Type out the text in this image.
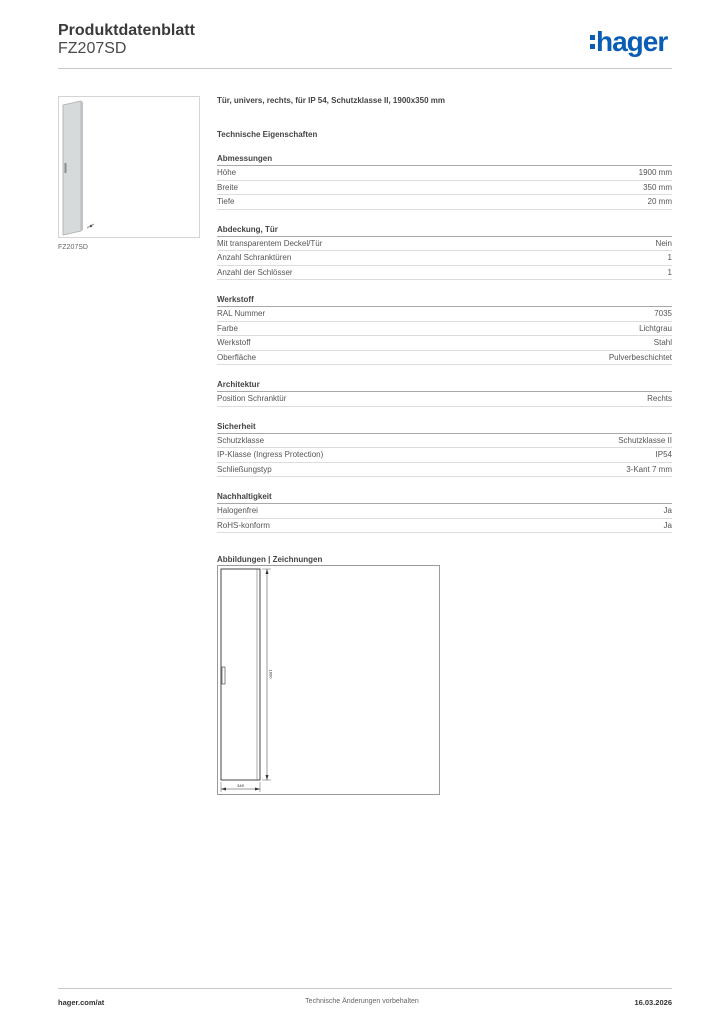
Produktdatenblatt
FZ207SD	hager
FZ207SD
Tür, univers, rechts, für IP 54, Schutzklasse II, 1900x350 mm
Technische Eigenschaften
Abmessungen
Höhe	1900 mm
Breite	350 mm
Tiefe	20 mm
Abdeckung, Tür
Mit transparentem Deckel/Tür	Nein
Anzahl Schranktüren	1
Anzahl der Schlösser	1
Werkstoff
RAL Nummer	7035
Farbe	Lichtgrau
Werkstoff	Stahl
Oberfläche	Pulverbeschichtet
Architektur
Position Schranktür	Rechts
Sicherheit
Schutzklasse	Schutzklasse II
IP-Klasse (Ingress Protection)	IP54
Schließungstyp	3-Kant 7 mm
Nachhaltigkeit
Halogenfrei	Ja
RoHS-konform	Ja
Abbildungen | Zeichnungen
1900
349
hager.com/at	Technische Änderungen vorbehalten	16.03.2026
